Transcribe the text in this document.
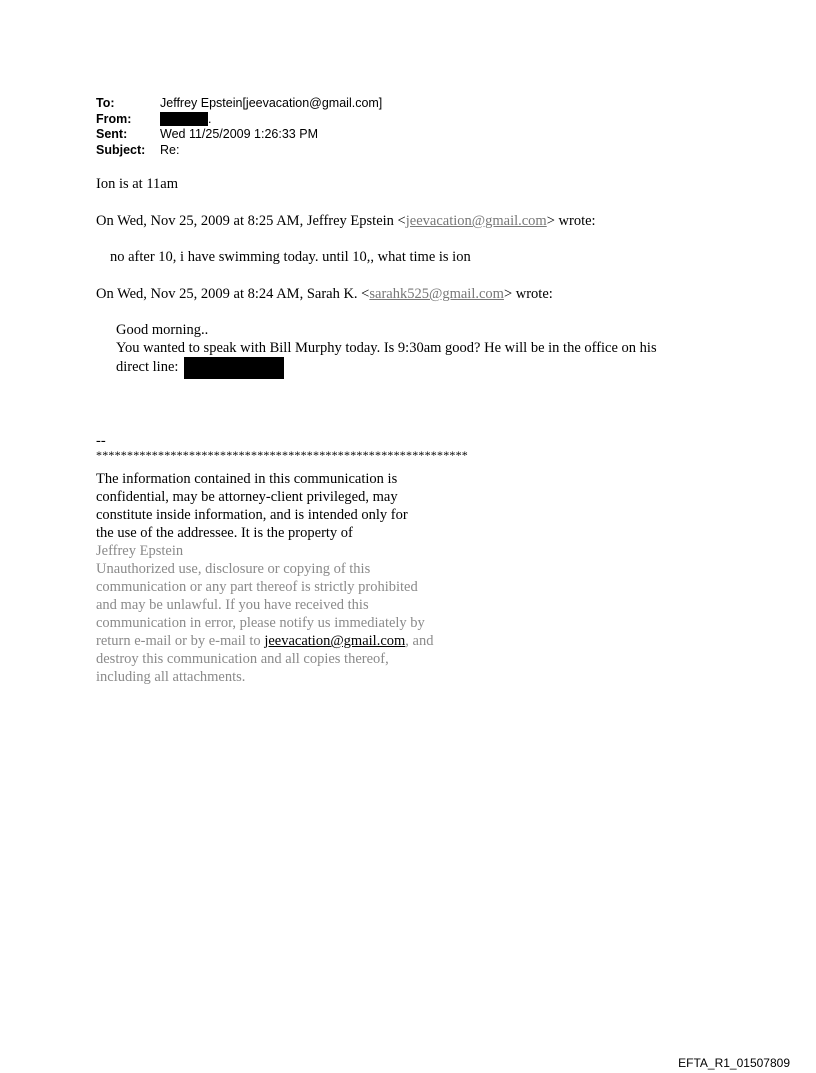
To:	Jeffrey Epstein[jeevacation@gmail.com]
From:	.
Sent:	Wed 11/25/2009 1:26:33 PM
Subject:	Re:
Ion is at 11am
On Wed, Nov 25, 2009 at 8:25 AM, Jeffrey Epstein <jeevacation@gmail.com> wrote:
no after 10, i have swimming today. until 10,, what time is ion
On Wed, Nov 25, 2009 at 8:24 AM, Sarah K. <sarahk525@gmail.com> wrote:
Good morning..
You wanted to speak with Bill Murphy today. Is 9:30am good? He will be in the office on his
direct line:
--
************************************************************
The information contained in this communication is
confidential, may be attorney-client privileged, may
constitute inside information, and is intended only for
the use of the addressee. It is the property of
Jeffrey Epstein
Unauthorized use, disclosure or copying of this
communication or any part thereof is strictly prohibited
and may be unlawful. If you have received this
communication in error, please notify us immediately by
return e-mail or by e-mail to jeevacation@gmail.com, and
destroy this communication and all copies thereof,
including all attachments.
EFTA_R1_01507809
